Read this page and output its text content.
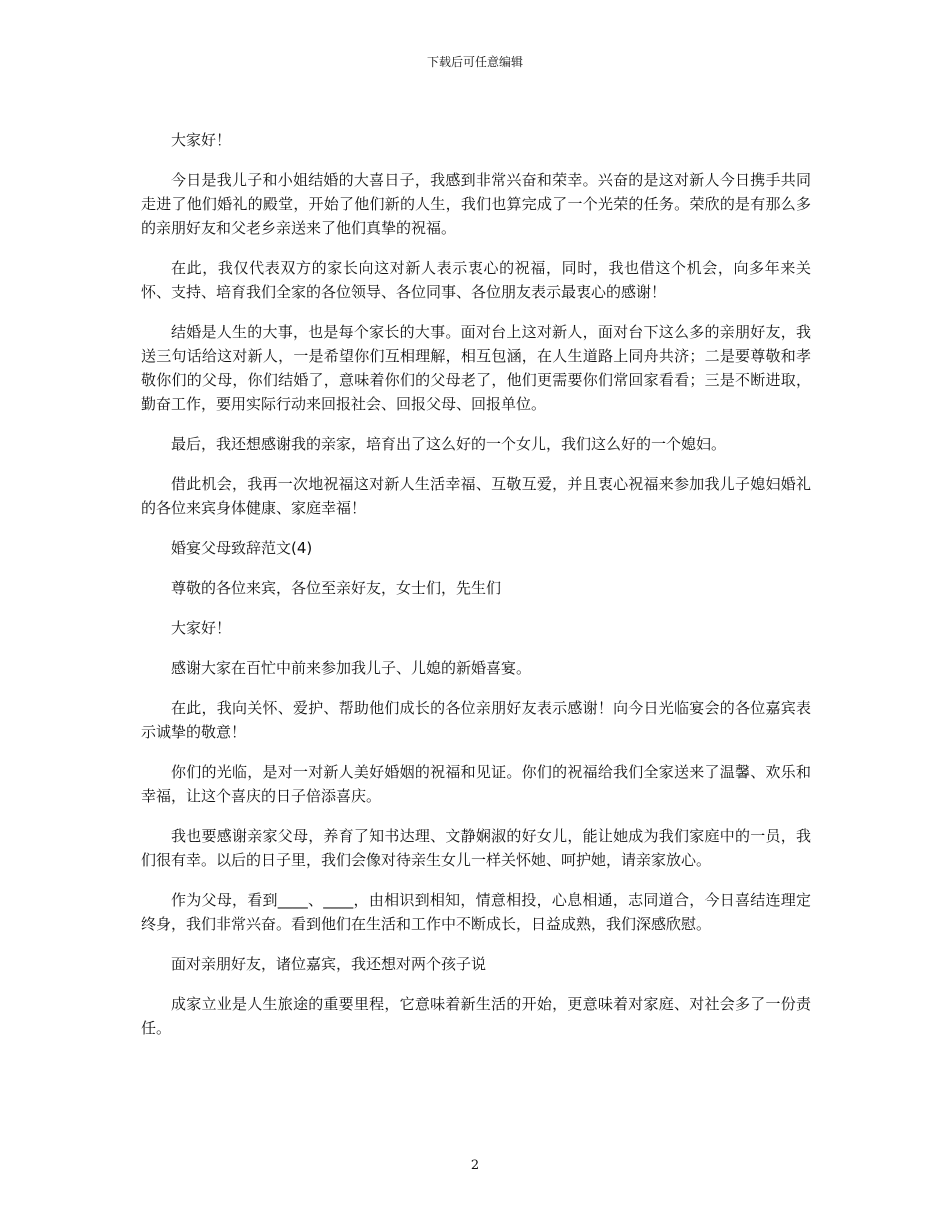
下载后可任意编辑

大家好！

今日是我儿子和小姐结婚的大喜日子，我感到非常兴奋和荣幸。兴奋的是这对新人今日携手共同走进了他们婚礼的殿堂，开始了他们新的人生，我们也算完成了一个光荣的任务。荣欣的是有那么多的亲朋好友和父老乡亲送来了他们真挚的祝福。

在此，我仅代表双方的家长向这对新人表示衷心的祝福，同时，我也借这个机会，向多年来关怀、支持、培育我们全家的各位领导、各位同事、各位朋友表示最衷心的感谢！

结婚是人生的大事，也是每个家长的大事。面对台上这对新人，面对台下这么多的亲朋好友，我送三句话给这对新人，一是希望你们互相理解，相互包涵，在人生道路上同舟共济；二是要尊敬和孝敬你们的父母，你们结婚了，意味着你们的父母老了，他们更需要你们常回家看看；三是不断进取，勤奋工作，要用实际行动来回报社会、回报父母、回报单位。

最后，我还想感谢我的亲家，培育出了这么好的一个女儿，我们这么好的一个媳妇。

借此机会，我再一次地祝福这对新人生活幸福、互敬互爱，并且衷心祝福来参加我儿子媳妇婚礼的各位来宾身体健康、家庭幸福！

婚宴父母致辞范文(4)

尊敬的各位来宾，各位至亲好友，女士们，先生们

大家好！

感谢大家在百忙中前来参加我儿子、儿媳的新婚喜宴。

在此，我向关怀、爱护、帮助他们成长的各位亲朋好友表示感谢！向今日光临宴会的各位嘉宾表示诚挚的敬意！

你们的光临，是对一对新人美好婚姻的祝福和见证。你们的祝福给我们全家送来了温馨、欢乐和幸福，让这个喜庆的日子倍添喜庆。

我也要感谢亲家父母，养育了知书达理、文静娴淑的好女儿，能让她成为我们家庭中的一员，我们很有幸。以后的日子里，我们会像对待亲生女儿一样关怀她、呵护她，请亲家放心。

作为父母，看到____、____，由相识到相知，情意相投，心息相通，志同道合，今日喜结连理定终身，我们非常兴奋。看到他们在生活和工作中不断成长，日益成熟，我们深感欣慰。

面对亲朋好友，诸位嘉宾，我还想对两个孩子说

成家立业是人生旅途的重要里程，它意味着新生活的开始，更意味着对家庭、对社会多了一份责任。

2
